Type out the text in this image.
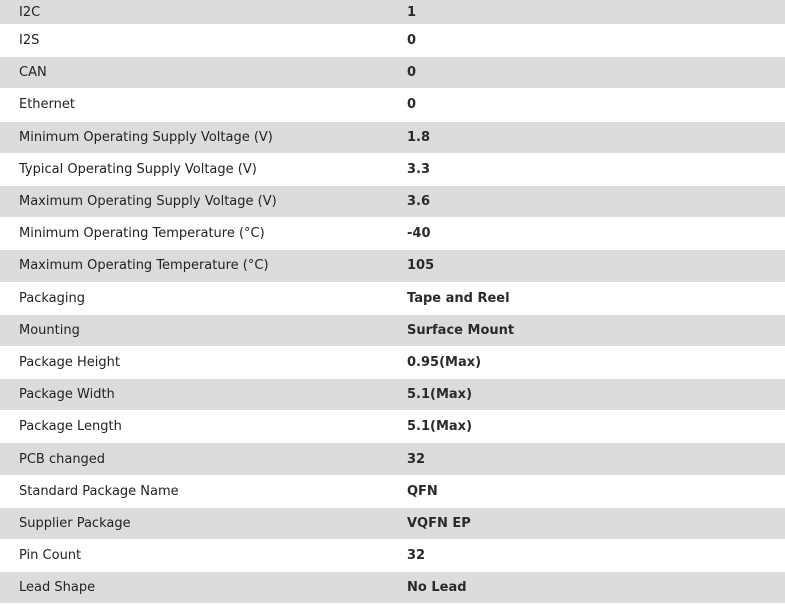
I2C	1
I2S	0
CAN	0
Ethernet	0
Minimum Operating Supply Voltage (V)	1.8
Typical Operating Supply Voltage (V)	3.3
Maximum Operating Supply Voltage (V)	3.6
Minimum Operating Temperature (°C)	-40
Maximum Operating Temperature (°C)	105
Packaging	Tape and Reel
Mounting	Surface Mount
Package Height	0.95(Max)
Package Width	5.1(Max)
Package Length	5.1(Max)
PCB changed	32
Standard Package Name	QFN
Supplier Package	VQFN EP
Pin Count	32
Lead Shape	No Lead
